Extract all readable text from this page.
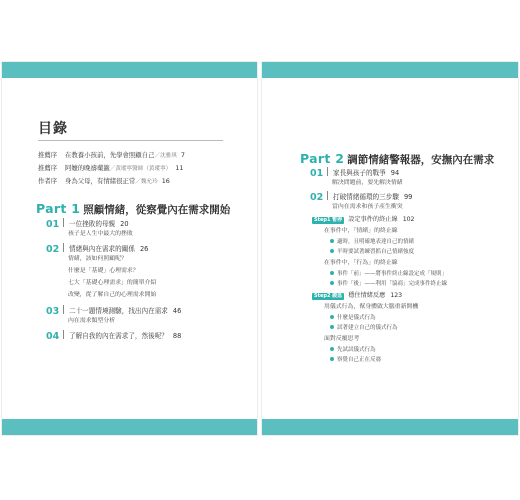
目錄
推薦序 在教養小孩前，先學會照顧自己／沈雅琪 7
推薦序 阿嬤的晚禱藥籤／黃瑽寧醫師（黃瑽寧） 11
作者序 身為父母，有情緒很正常／魏允玲 16
Part 1 照顧情緒，從察覺內在需求開始
01 一位挫敗的母親 20
孩子是人生中最大的挫敗
02 情緒與內在需求的關係 26
情緒，該如何照顧呢？
什麼是「基礎」心理需求？
七大「基礎心理需求」的簡單介紹
改變，從了解自己的心理需求開始
03 二十一題情境測驗，找出內在需求 46
內在需求類型分析
04 了解自我的內在需求了，然後呢？ 88
Part 2 調節情緒警報器，安撫內在需求
01 家長與孩子的戰爭 94
解決問題前，要先解決情緒
02 打破情緒循環的三步驟 99
當內在需求和孩子產生衝突
Step1 暫停 設定事件的終止線 102
在事件中，「情緒」的終止線
適時，且明確地表達自己的情緒
平時要試著練習抓自己情緒強度
在事件中，「行為」的終止線
事件「前」——將事件終止線設定成「規則」
事件「後」——利用「協商」完成事件終止線
Step2 緩急 穩住情緒反應 123
用儀式行為，幫身體啟大腦重新開機
什麼是儀式行為
試著建立自己的儀式行為
面對反覆思考
先試試儀式行為
察覺自己正在反芻
